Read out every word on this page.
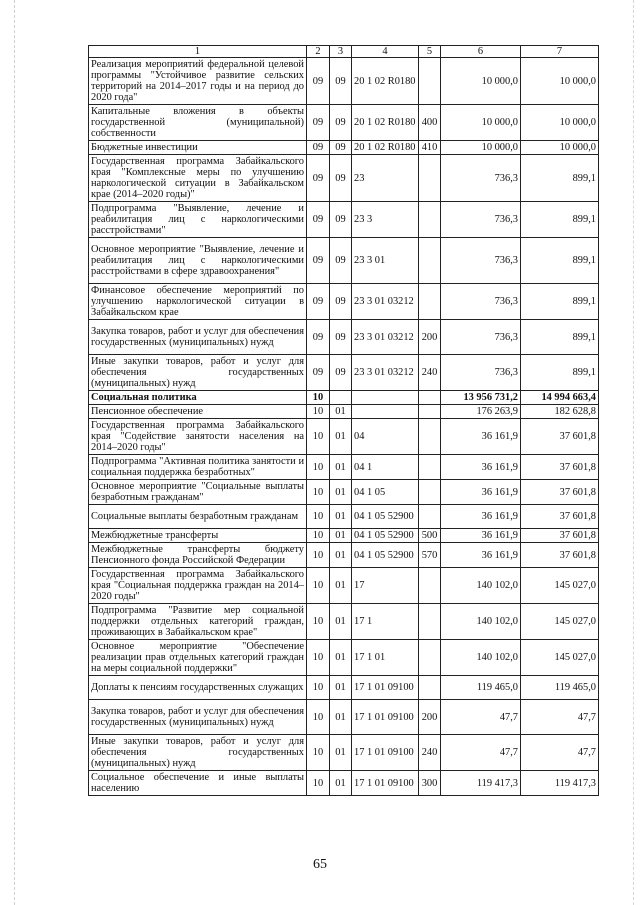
1	2	3	4	5	6	7
Реализация мероприятий федеральной целевой программы "Устойчивое развитие сельских территорий на 2014–2017 годы и на период до 2020 года"	09	09	20 1 02 R0180		10 000,0	10 000,0
Капитальные вложения в объекты государственной (муниципальной) собственности	09	09	20 1 02 R0180	400	10 000,0	10 000,0
Бюджетные инвестиции	09	09	20 1 02 R0180	410	10 000,0	10 000,0
Государственная программа Забайкальского края "Комплексные меры по улучшению наркологической ситуации в Забайкальском крае (2014–2020 годы)"	09	09	23		736,3	899,1
Подпрограмма "Выявление, лечение и реабилитация лиц с наркологическими расстройствами"	09	09	23 3		736,3	899,1
Основное мероприятие "Выявление, лечение и реабилитация лиц с наркологическими расстройствами в сфере здравоохранения"	09	09	23 3 01		736,3	899,1
Финансовое обеспечение мероприятий по улучшению наркологической ситуации в Забайкальском крае	09	09	23 3 01 03212		736,3	899,1
Закупка товаров, работ и услуг для обеспечения государственных (муниципальных) нужд	09	09	23 3 01 03212	200	736,3	899,1
Иные закупки товаров, работ и услуг для обеспечения государственных (муниципальных) нужд	09	09	23 3 01 03212	240	736,3	899,1
Социальная политика	10				13 956 731,2	14 994 663,4
Пенсионное обеспечение	10	01			176 263,9	182 628,8
Государственная программа Забайкальского края "Содействие занятости населения на 2014–2020 годы"	10	01	04		36 161,9	37 601,8
Подпрограмма "Активная политика занятости и социальная поддержка безработных"	10	01	04 1		36 161,9	37 601,8
Основное мероприятие "Социальные выплаты безработным гражданам"	10	01	04 1 05		36 161,9	37 601,8
Социальные выплаты безработным гражданам	10	01	04 1 05 52900		36 161,9	37 601,8
Межбюджетные трансферты	10	01	04 1 05 52900	500	36 161,9	37 601,8
Межбюджетные трансферты бюджету Пенсионного фонда Российской Федерации	10	01	04 1 05 52900	570	36 161,9	37 601,8
Государственная программа Забайкальского края "Социальная поддержка граждан на 2014–2020 годы"	10	01	17		140 102,0	145 027,0
Подпрограмма "Развитие мер социальной поддержки отдельных категорий граждан, проживающих в Забайкальском крае"	10	01	17 1		140 102,0	145 027,0
Основное мероприятие "Обеспечение реализации прав отдельных категорий граждан на меры социальной поддержки"	10	01	17 1 01		140 102,0	145 027,0
Доплаты к пенсиям государственных служащих	10	01	17 1 01 09100		119 465,0	119 465,0
Закупка товаров, работ и услуг для обеспечения государственных (муниципальных) нужд	10	01	17 1 01 09100	200	47,7	47,7
Иные закупки товаров, работ и услуг для обеспечения государственных (муниципальных) нужд	10	01	17 1 01 09100	240	47,7	47,7
Социальное обеспечение и иные выплаты населению	10	01	17 1 01 09100	300	119 417,3	119 417,3
65
